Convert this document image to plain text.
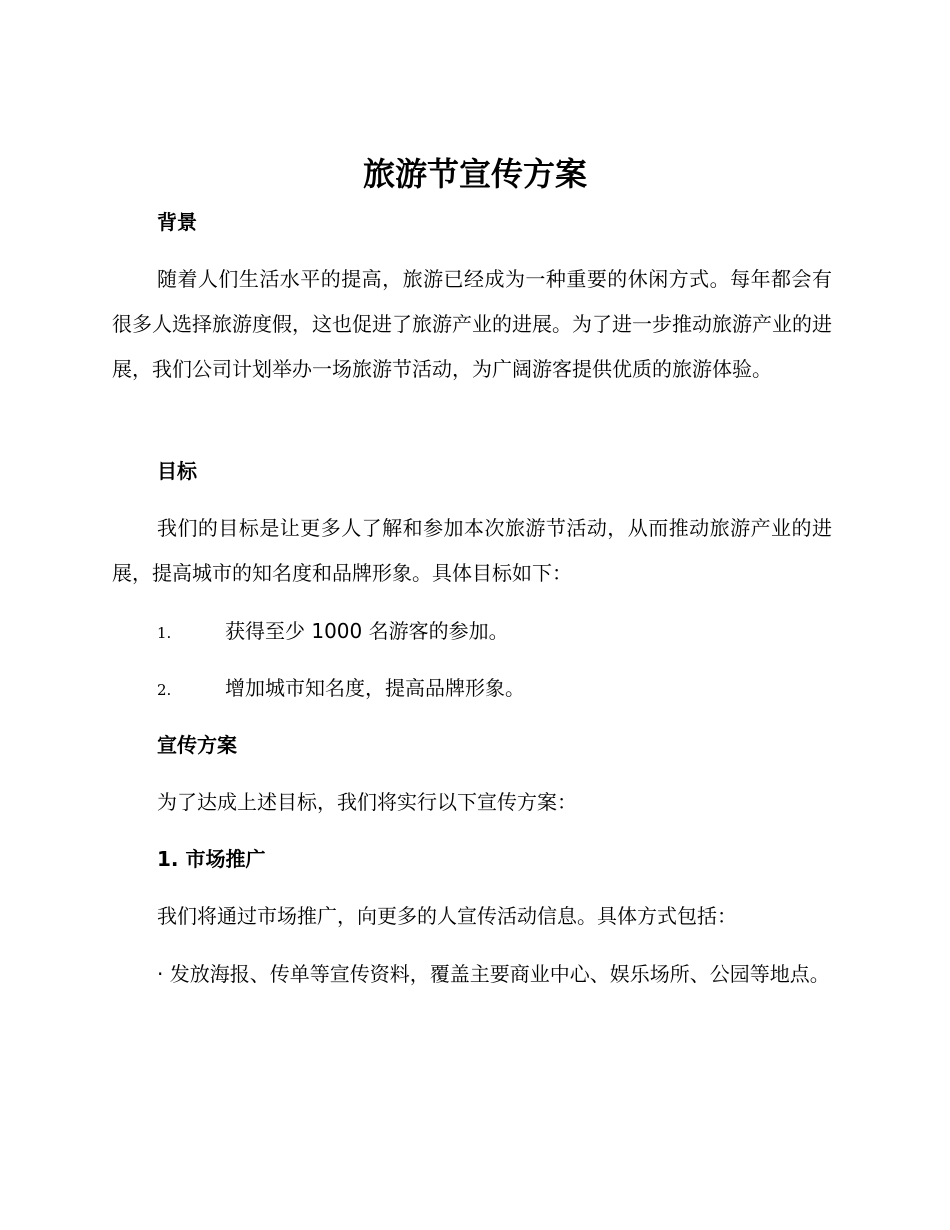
旅游节宣传方案
背景

随着人们生活水平的提高，旅游已经成为一种重要的休闲方式。每年都会有很多人选择旅游度假，这也促进了旅游产业的进展。为了进一步推动旅游产业的进展，我们公司计划举办一场旅游节活动，为广阔游客提供优质的旅游体验。

目标

我们的目标是让更多人了解和参加本次旅游节活动，从而推动旅游产业的进展，提高城市的知名度和品牌形象。具体目标如下：

1.	获得至少 1000 名游客的参加。

2.	增加城市知名度，提高品牌形象。

宣传方案

为了达成上述目标，我们将实行以下宣传方案：

1. 市场推广

我们将通过市场推广，向更多的人宣传活动信息。具体方式包括：

· 发放海报、传单等宣传资料，覆盖主要商业中心、娱乐场所、公园等地点。
